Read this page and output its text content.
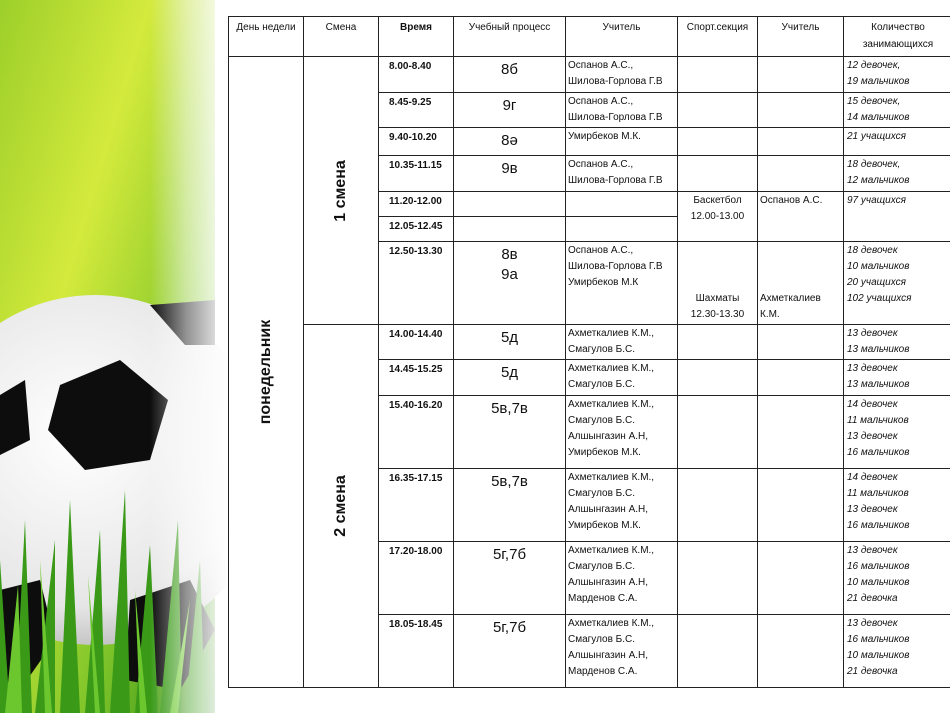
День недели	Смена	Время	Учебный процесс	Учитель	Спорт.секция	Учитель	Количество занимающихся

понедельник	1 смена	8.00-8.40	8б	Оспанов А.С.,
Шилова-Горлова Г.В			12 девочек,
19 мальчиков

		8.45-9.25	9г	Оспанов А.С.,
Шилова-Горлова Г.В			15 девочек,
14 мальчиков

		9.40-10.20	8ә	Умирбеков М.К.			21 учащихся

		10.35-11.15	9в	Оспанов А.С.,
Шилова-Горлова Г.В			18 девочек,
12 мальчиков

		11.20-12.00			Баскетбол
12.00-13.00	Оспанов А.С.	97 учащихся

		12.05-12.45					
		12.50-13.30	8в
9а	Оспанов А.С.,
Шилова-Горлова Г.В
Умирбеков М.К	Шахматы
12.30-13.30	Ахметкалиев К.М.	18 девочек
10 мальчиков
20 учащихся
102 учащихся

	2 смена	14.00-14.40	5д	Ахметкалиев К.М.,
Смагулов Б.С.			13 девочек
13 мальчиков

		14.45-15.25	5д	Ахметкалиев К.М.,
Смагулов Б.С.			13 девочек
13 мальчиков

		15.40-16.20	5в,7в	Ахметкалиев К.М.,
Смагулов Б.С.
Алшынгазин А.Н,
Умирбеков М.К.			14 девочек
11 мальчиков
13 девочек
16 мальчиков

		16.35-17.15	5в,7в	Ахметкалиев К.М.,
Смагулов Б.С.
Алшынгазин А.Н,
Умирбеков М.К.			14 девочек
11 мальчиков
13 девочек
16 мальчиков

		17.20-18.00	5г,7б	Ахметкалиев К.М.,
Смагулов Б.С.
Алшынгазин А.Н,
Марденов С.А.			13 девочек
16 мальчиков
10 мальчиков
21 девочка

		18.05-18.45	5г,7б	Ахметкалиев К.М.,
Смагулов Б.С.
Алшынгазин А.Н,
Марденов С.А.			13 девочек
16 мальчиков
10 мальчиков
21 девочка
